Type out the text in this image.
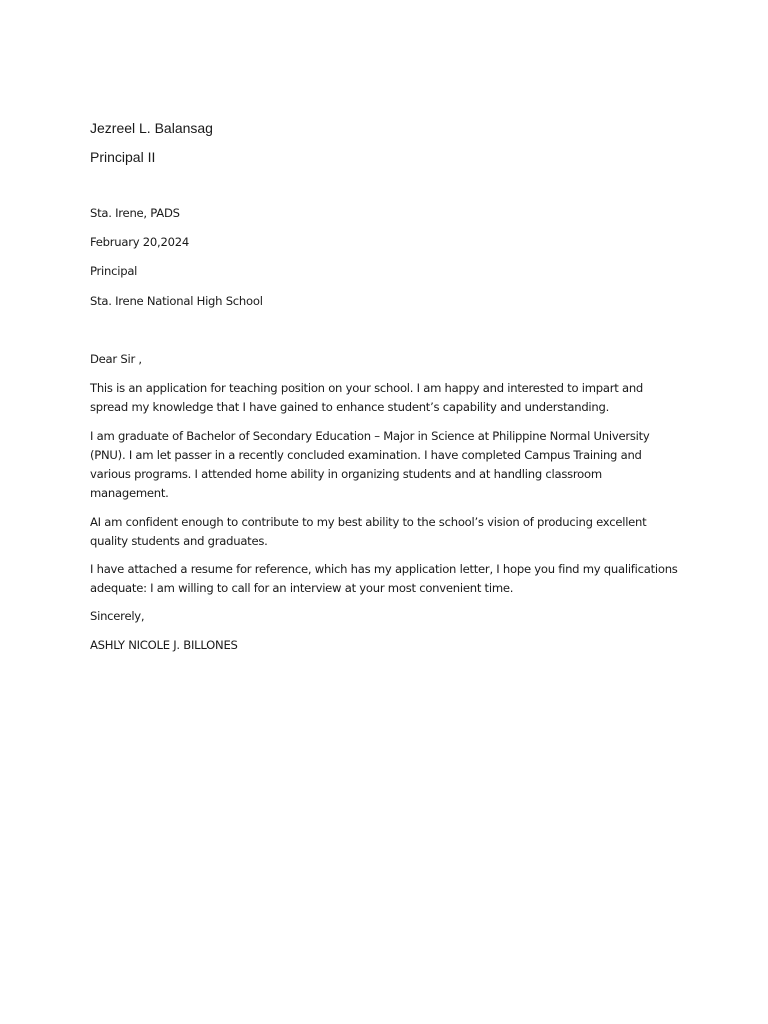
Jezreel L. Balansag
Principal II
Sta. Irene, PADS
February 20,2024
Principal
Sta. Irene National High School
Dear Sir ,
This is an application for teaching position on your school. I am happy and interested to impart and
spread my knowledge that I have gained to enhance student’s capability and understanding.
I am graduate of Bachelor of Secondary Education – Major in Science at Philippine Normal University
(PNU). I am let passer in a recently concluded examination. I have completed Campus Training and
various programs. I attended home ability in organizing students and at handling classroom
management.
AI am confident enough to contribute to my best ability to the school’s vision of producing excellent
quality students and graduates.
I have attached a resume for reference, which has my application letter, I hope you find my qualifications
adequate: I am willing to call for an interview at your most convenient time.
Sincerely,
ASHLY NICOLE J. BILLONES
